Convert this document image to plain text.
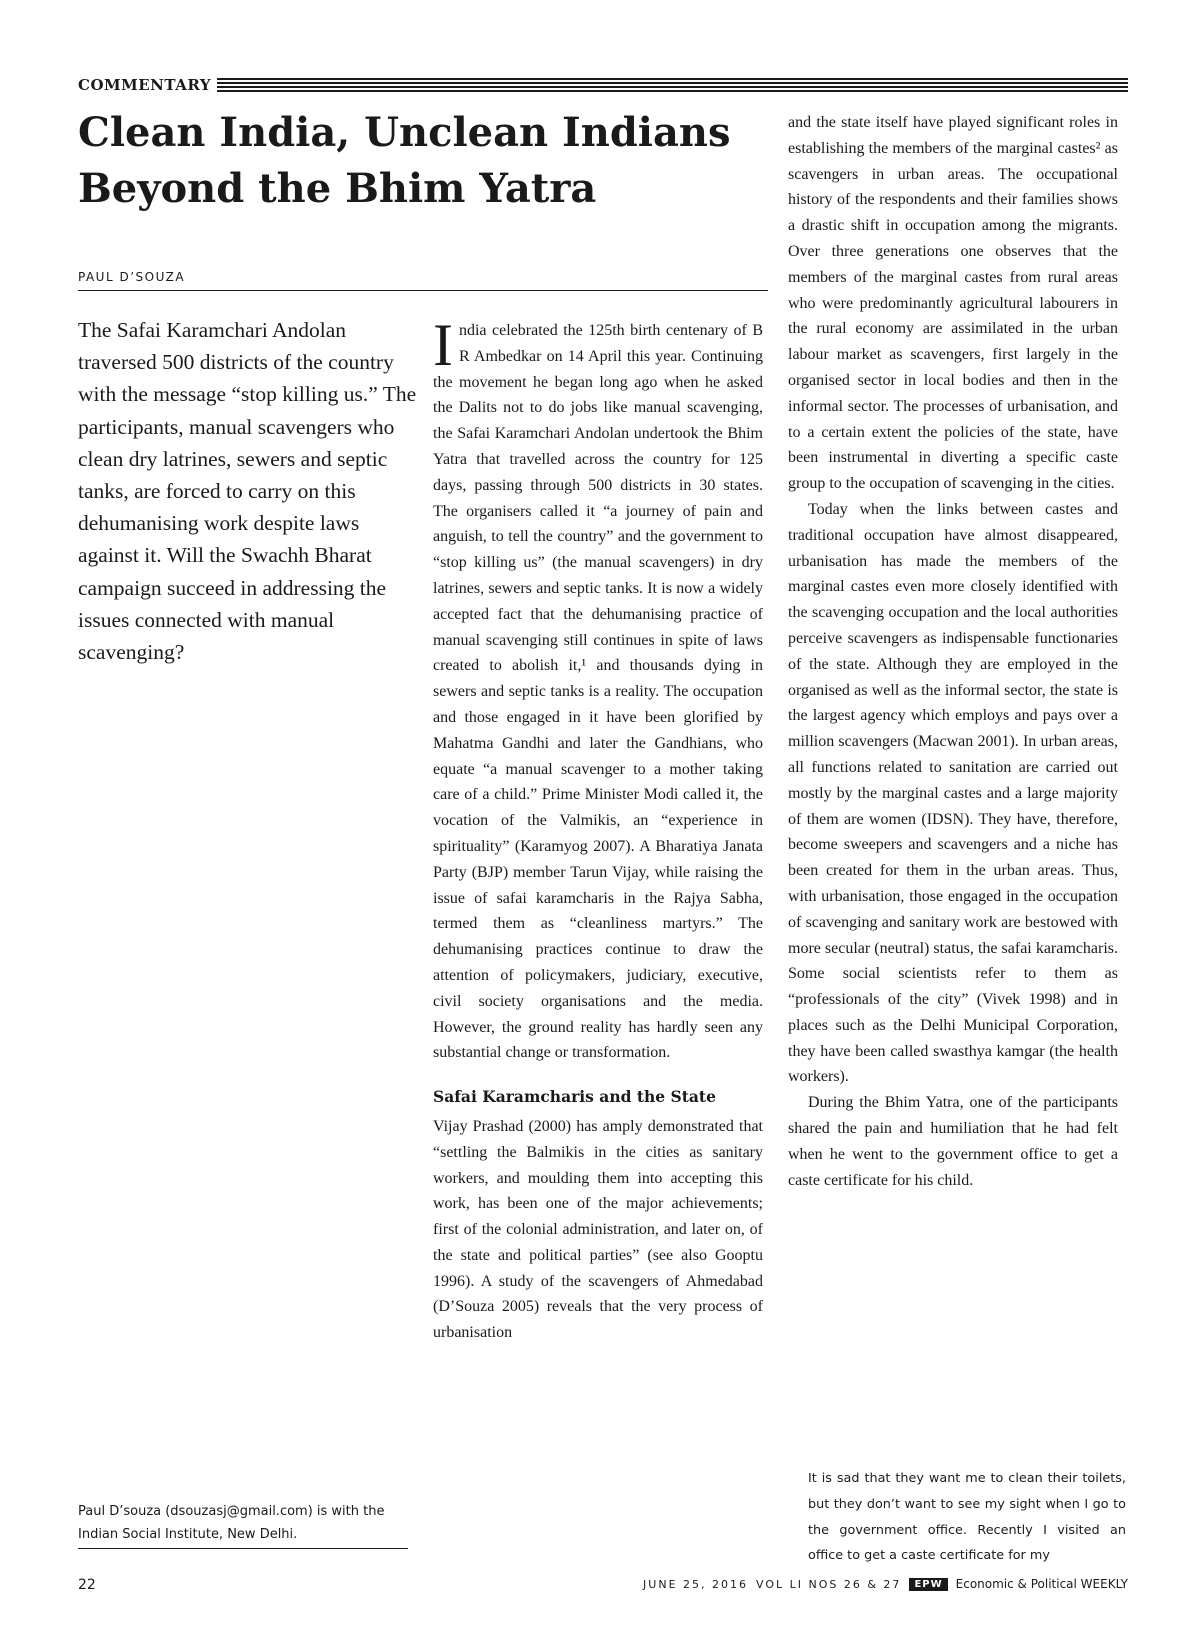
COMMENTARY
Clean India, Unclean Indians
Beyond the Bhim Yatra
PAUL D’SOUZA

The Safai Karamchari Andolan traversed 500 districts of the country with the message “stop killing us.” The participants, manual scavengers who clean dry latrines, sewers and septic tanks, are forced to carry on this dehumanising work despite laws against it. Will the Swachh Bharat campaign succeed in addressing the issues connected with manual scavenging?

Paul D’souza (dsouzasj@gmail.com) is with the Indian Social Institute, New Delhi.

India celebrated the 125th birth centenary of B R Ambedkar on 14 April this year. Continuing the movement he began long ago when he asked the Dalits not to do jobs like manual scavenging, the Safai Karamchari Andolan undertook the Bhim Yatra that travelled across the country for 125 days, passing through 500 districts in 30 states. The organisers called it “a journey of pain and anguish, to tell the country” and the government to “stop killing us” (the manual scavengers) in dry latrines, sewers and septic tanks. It is now a widely accepted fact that the dehumanising practice of manual scavenging still continues in spite of laws created to abolish it,¹ and thousands dying in sewers and septic tanks is a reality. The occupation and those engaged in it have been glorified by Mahatma Gandhi and later the Gandhians, who equate “a manual scavenger to a mother taking care of a child.” Prime Minister Modi called it, the vocation of the Valmikis, an “experience in spirituality” (Karamyog 2007). A Bharatiya Janata Party (BJP) member Tarun Vijay, while raising the issue of safai karamcharis in the Rajya Sabha, termed them as “cleanliness martyrs.” The dehumanising practices continue to draw the attention of policymakers, judiciary, executive, civil society organisations and the media. However, the ground reality has hardly seen any substantial change or transformation.

Safai Karamcharis and the State

Vijay Prashad (2000) has amply demonstrated that “settling the Balmikis in the cities as sanitary workers, and moulding them into accepting this work, has been one of the major achievements; first of the colonial administration, and later on, of the state and political parties” (see also Gooptu 1996). A study of the scavengers of Ahmedabad (D’Souza 2005) reveals that the very process of urbanisation

and the state itself have played significant roles in establishing the members of the marginal castes² as scavengers in urban areas. The occupational history of the respondents and their families shows a drastic shift in occupation among the migrants. Over three generations one observes that the members of the marginal castes from rural areas who were predominantly agricultural labourers in the rural economy are assimilated in the urban labour market as scavengers, first largely in the organised sector in local bodies and then in the informal sector. The processes of urbanisation, and to a certain extent the policies of the state, have been instrumental in diverting a specific caste group to the occupation of scavenging in the cities.

Today when the links between castes and traditional occupation have almost disappeared, urbanisation has made the members of the marginal castes even more closely identified with the scavenging occupation and the local authorities perceive scavengers as indispensable functionaries of the state. Although they are employed in the organised as well as the informal sector, the state is the largest agency which employs and pays over a million scavengers (Macwan 2001). In urban areas, all functions related to sanitation are carried out mostly by the marginal castes and a large majority of them are women (IDSN). They have, therefore, become sweepers and scavengers and a niche has been created for them in the urban areas. Thus, with urbanisation, those engaged in the occupation of scavenging and sanitary work are bestowed with more secular (neutral) status, the safai karamcharis. Some social scientists refer to them as “professionals of the city” (Vivek 1998) and in places such as the Delhi Municipal Corporation, they have been called swasthya kamgar (the health workers).

During the Bhim Yatra, one of the participants shared the pain and humiliation that he had felt when he went to the government office to get a caste certificate for his child.

It is sad that they want me to clean their toilets, but they don’t want to see my sight when I go to the government office. Recently I visited an office to get a caste certificate for my

22	JUNE 25, 2016 VOL LI NOS 26 & 27	EPW	Economic & Political WEEKLY
